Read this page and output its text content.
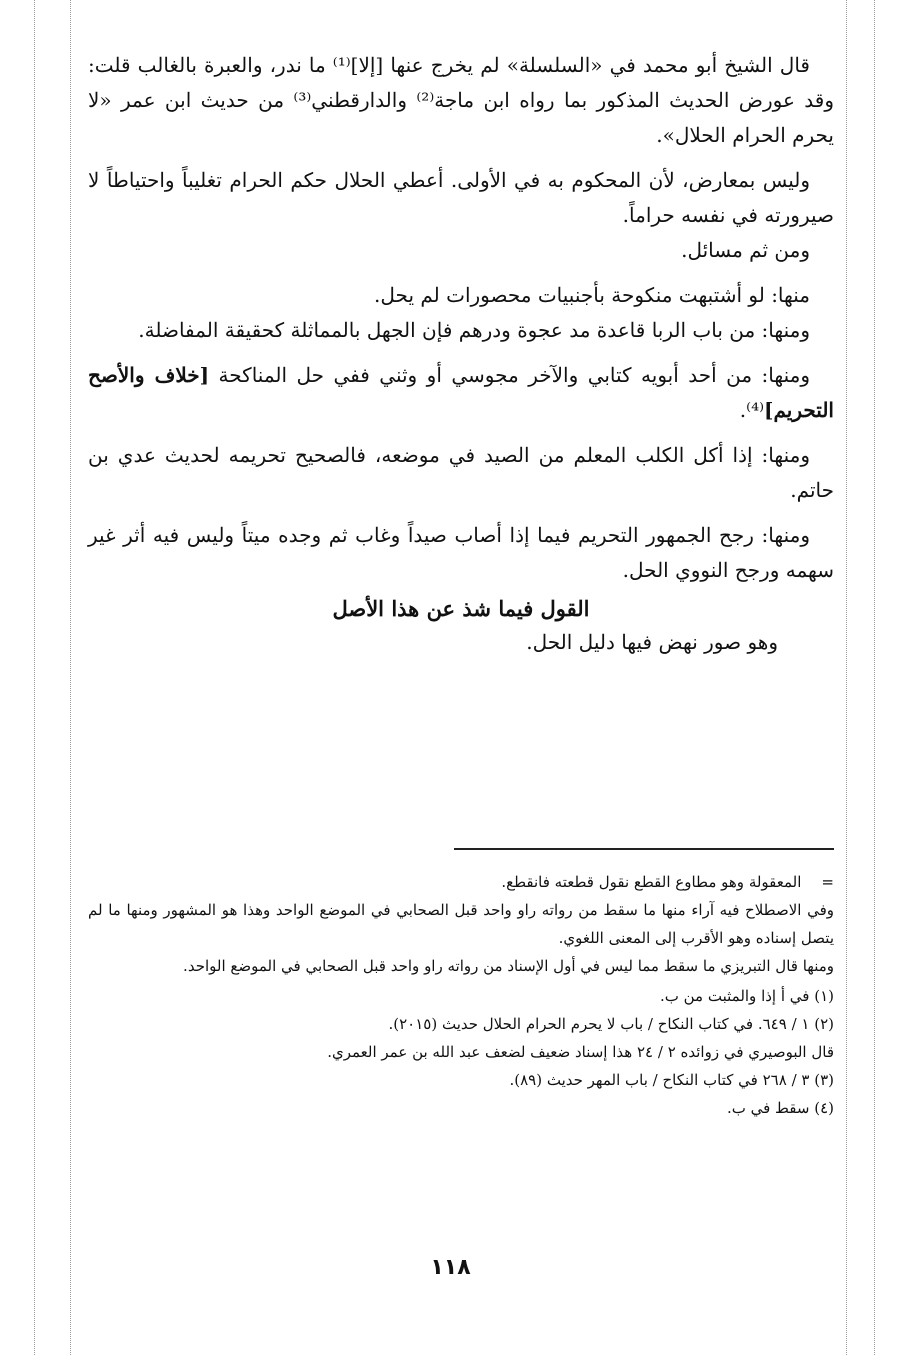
قال الشيخ أبو محمد في «السلسلة» لم يخرج عنها [إلا]⁽¹⁾ ما ندر، والعبرة بالغالب قلت: وقد عورض الحديث المذكور بما رواه ابن ماجة⁽²⁾ والدارقطني⁽³⁾ من حديث ابن عمر «لا يحرم الحرام الحلال».

وليس بمعارض، لأن المحكوم به في الأولى. أعطي الحلال حكم الحرام تغليباً واحتياطاً لا صيرورته في نفسه حراماً.

ومن ثم مسائل.

منها: لو أشتبهت منكوحة بأجنبيات محصورات لم يحل.

ومنها: من باب الربا قاعدة مد عجوة ودرهم فإن الجهل بالمماثلة كحقيقة المفاضلة.

ومنها: من أحد أبويه كتابي والآخر مجوسي أو وثني ففي حل المناكحة [خلاف والأصح التحريم]⁽⁴⁾.

ومنها: إذا أكل الكلب المعلم من الصيد في موضعه، فالصحيح تحريمه لحديث عدي بن حاتم.

ومنها: رجح الجمهور التحريم فيما إذا أصاب صيداً وغاب ثم وجده ميتاً وليس فيه أثر غير سهمه ورجح النووي الحل.

القول فيما شذ عن هذا الأصل

وهو صور نهض فيها دليل الحل.

=المعقولة وهو مطاوع القطع نقول قطعته فانقطع.

وفي الاصطلاح فيه آراء منها ما سقط من رواته راو واحد قبل الصحابي في الموضع الواحد وهذا هو المشهور ومنها ما لم يتصل إسناده وهو الأقرب إلى المعنى اللغوي.

ومنها قال التبريزي ما سقط مما ليس في أول الإسناد من رواته راو واحد قبل الصحابي في الموضع الواحد.

(١) في أ إذا والمثبت من ب.

(٢) ١ / ٦٤٩. في كتاب النكاح / باب لا يحرم الحرام الحلال حديث (٢٠١٥).

قال البوصيري في زوائده ٢ / ٢٤ هذا إسناد ضعيف لضعف عبد الله بن عمر العمري.

(٣) ٣ / ٢٦٨ في كتاب النكاح / باب المهر حديث (٨٩).

(٤) سقط في ب.

١١٨
